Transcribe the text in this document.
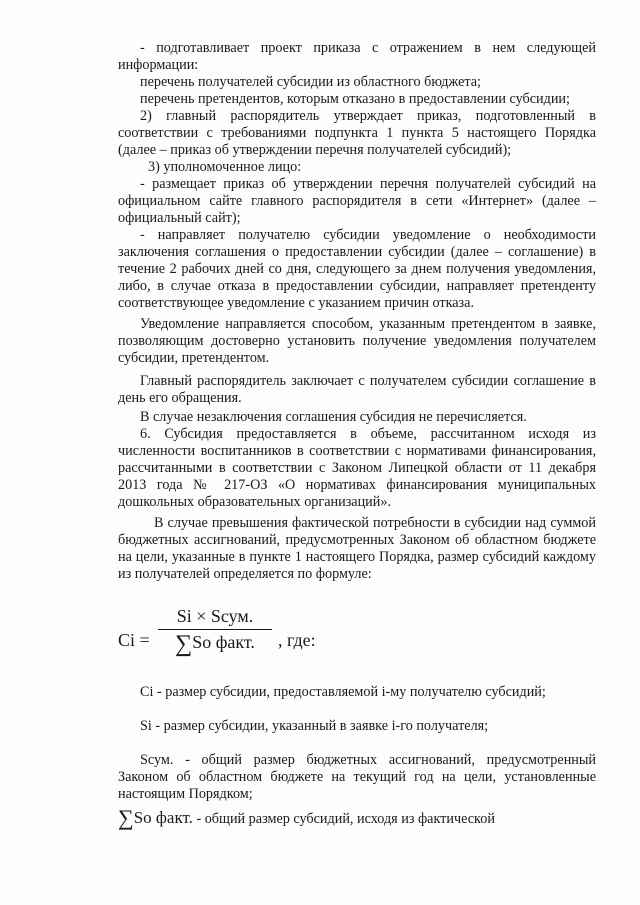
- подготавливает проект приказа с отражением в нем следующей информации:

перечень получателей субсидии из областного бюджета;

перечень претендентов, которым отказано в предоставлении субсидии;

2) главный распорядитель утверждает приказ, подготовленный в соответствии с требованиями подпункта 1 пункта 5 настоящего Порядка (далее – приказ об утверждении перечня получателей субсидий);

3) уполномоченное лицо:

- размещает приказ об утверждении перечня получателей субсидий на официальном сайте главного распорядителя в сети «Интернет» (далее – официальный сайт);

- направляет получателю субсидии уведомление о необходимости заключения соглашения о предоставлении субсидии (далее – соглашение) в течение 2 рабочих дней со дня, следующего за днем получения уведомления, либо, в случае отказа в предоставлении субсидии, направляет претенденту соответствующее уведомление с указанием причин отказа.

Уведомление направляется способом, указанным претендентом в заявке, позволяющим достоверно установить получение уведомления получателем субсидии, претендентом.

Главный распорядитель заключает с получателем субсидии соглашение в день его обращения.

В случае незаключения соглашения субсидия не перечисляется.

6. Субсидия предоставляется в объеме, рассчитанном исходя из численности воспитанников в соответствии с нормативами финансирования, рассчитанными в соответствии с Законом Липецкой области от 11 декабря 2013 года № 217-ОЗ «О нормативах финансирования муниципальных дошкольных образовательных организаций».

В случае превышения фактической потребности в субсидии над суммой бюджетных ассигнований, предусмотренных Законом об областном бюджете на цели, указанные в пункте 1 настоящего Порядка, размер субсидий каждому из получателей определяется по формуле:

Ci =
Si × Sсум.
∑So факт.	, где:

Ci - размер субсидии, предоставляемой i-му получателю субсидий;

Si - размер субсидии, указанный в заявке i-го получателя;

Sсум. - общий размер бюджетных ассигнований, предусмотренный Законом об областном бюджете на текущий год на цели, установленные настоящим Порядком;

∑So факт. - общий размер субсидий, исходя из фактической
